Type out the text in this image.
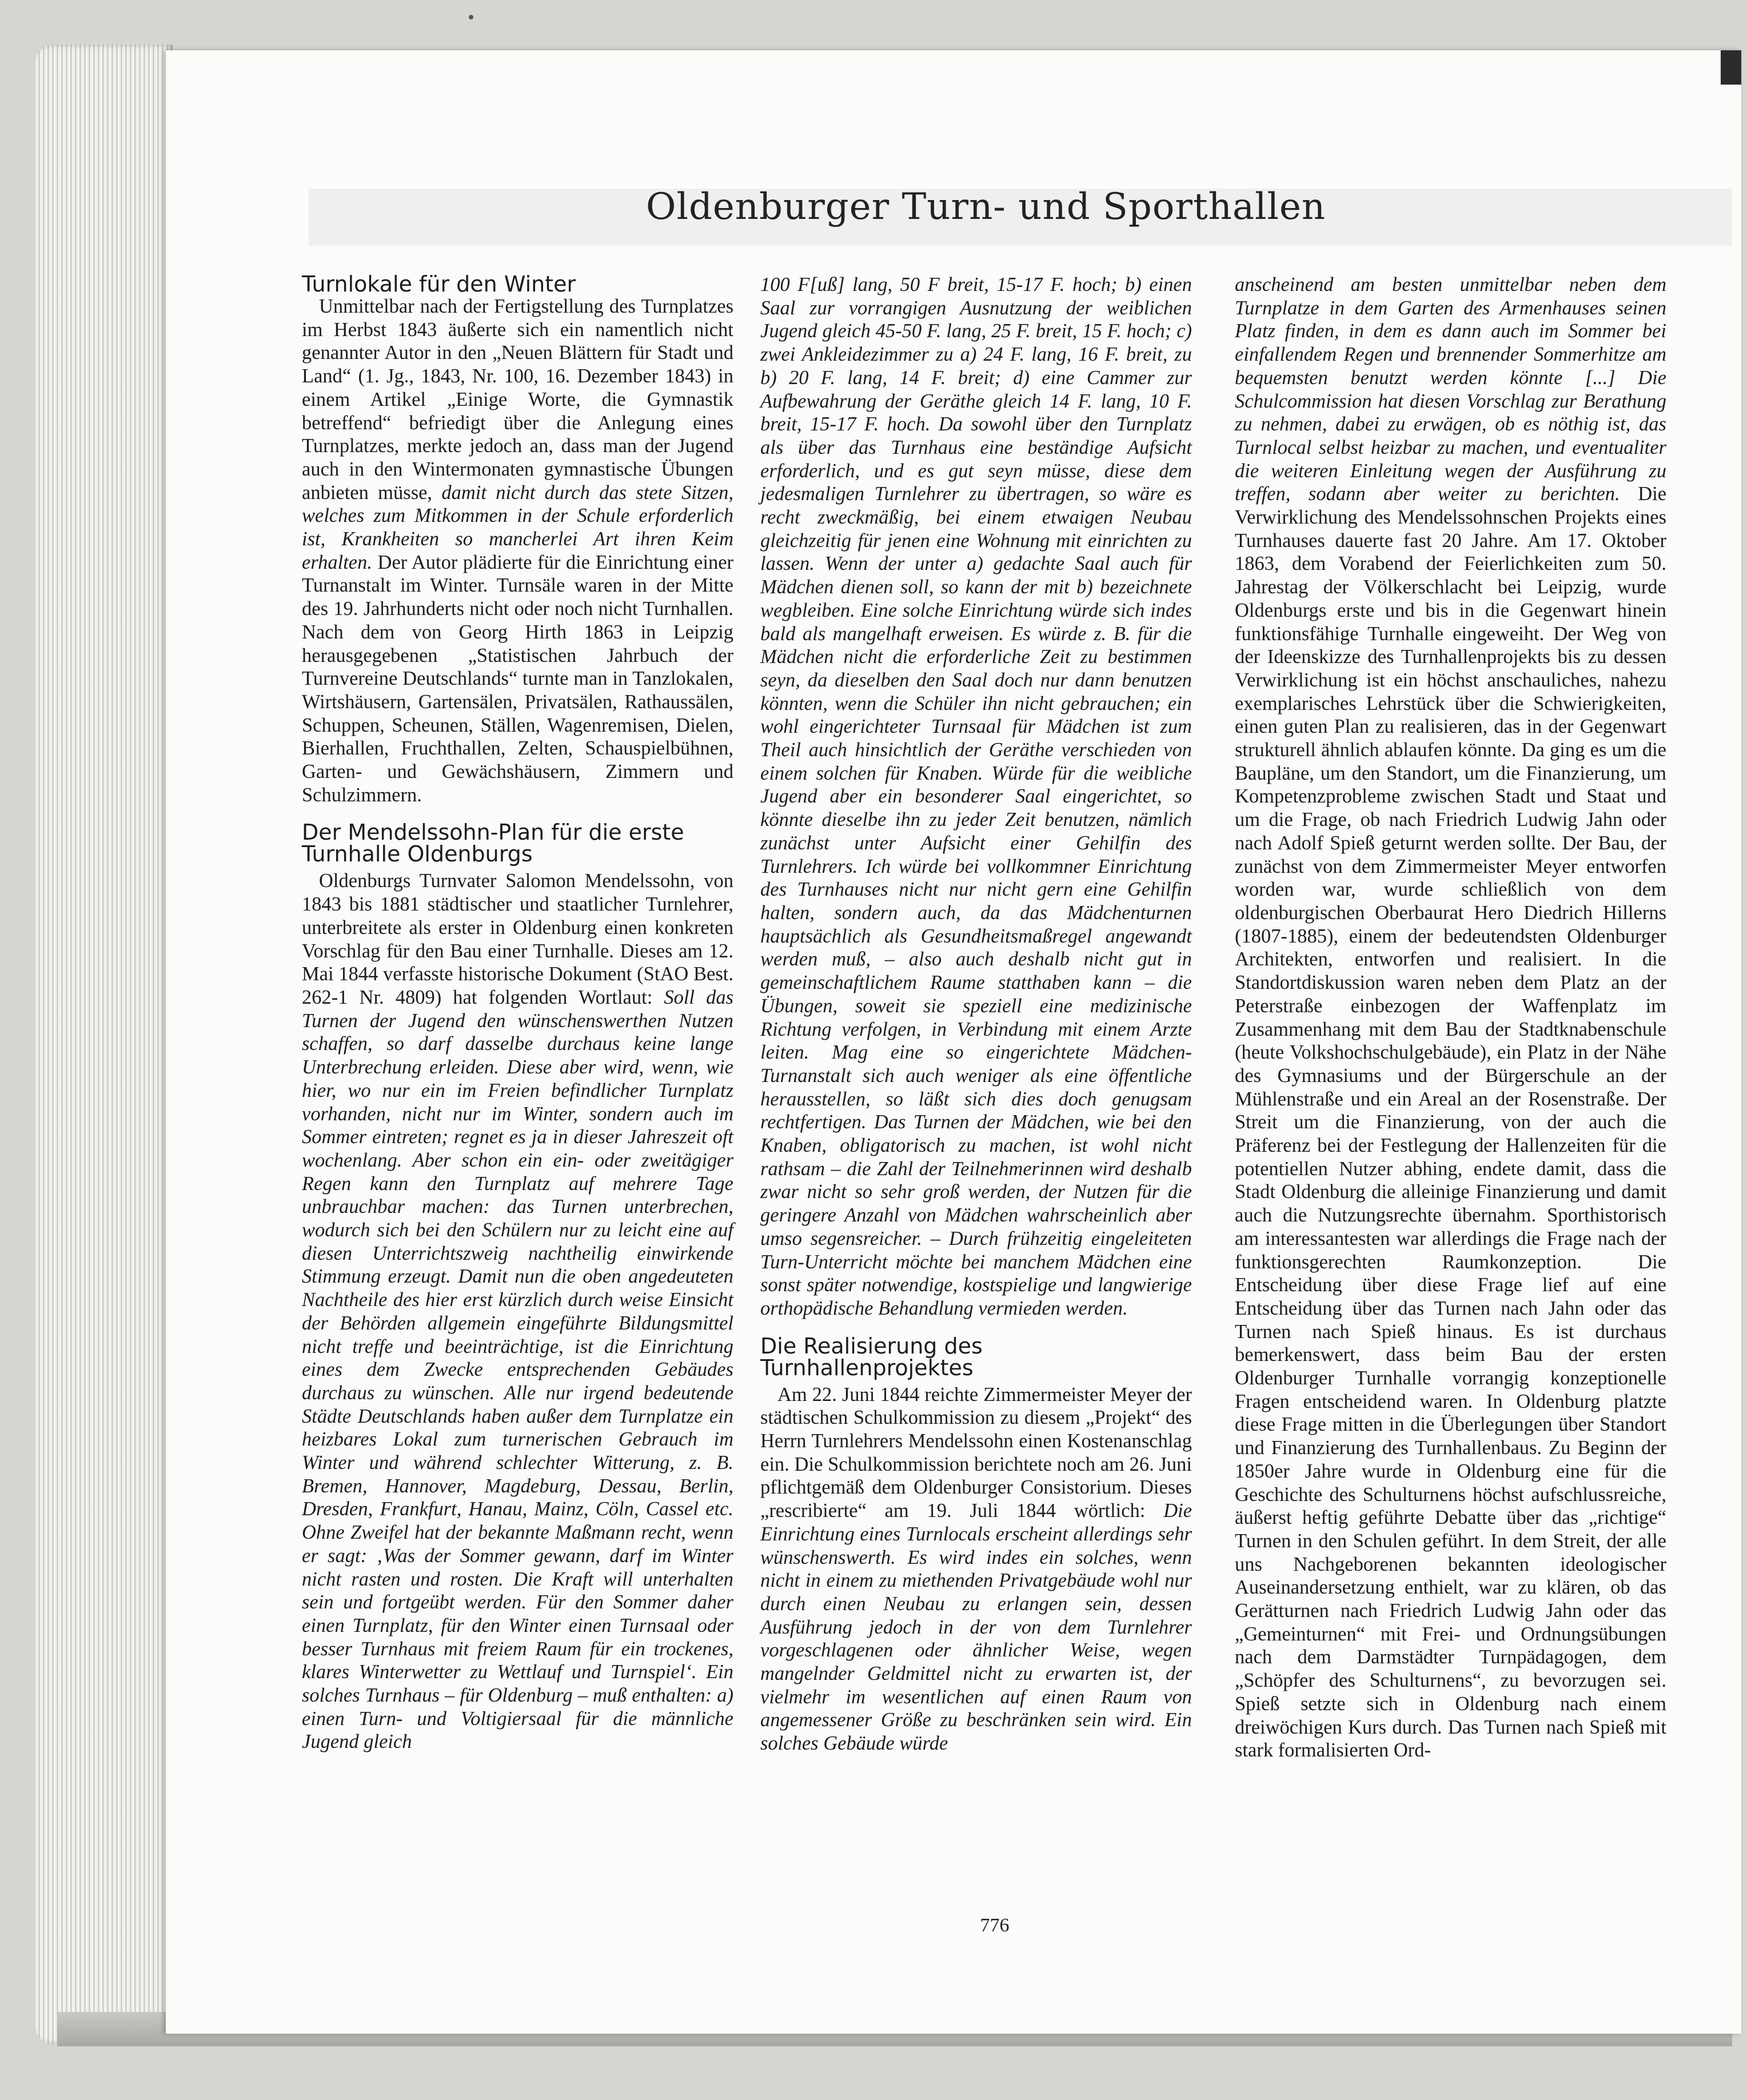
Oldenburger Turn- und Sporthallen
Turnlokale für den Winter

Unmittelbar nach der Fertigstellung des Turnplatzes im Herbst 1843 äußerte sich ein namentlich nicht genannter Autor in den „Neuen Blättern für Stadt und Land“ (1. Jg., 1843, Nr. 100, 16. Dezember 1843) in einem Artikel „Einige Worte, die Gymnastik betreffend“ befriedigt über die Anlegung eines Turnplatzes, merkte jedoch an, dass man der Jugend auch in den Wintermonaten gymnastische Übungen anbieten müsse, damit nicht durch das stete Sitzen, welches zum Mitkommen in der Schule erforderlich ist, Krankheiten so mancherlei Art ihren Keim erhalten. Der Autor plädierte für die Einrichtung einer Turnanstalt im Winter. Turnsäle waren in der Mitte des 19. Jahrhunderts nicht oder noch nicht Turnhallen. Nach dem von Georg Hirth 1863 in Leipzig herausgegebenen „Statistischen Jahrbuch der Turnvereine Deutschlands“ turnte man in Tanzlokalen, Wirtshäusern, Gartensälen, Privatsälen, Rathaussälen, Schuppen, Scheunen, Ställen, Wagenremisen, Dielen, Bierhallen, Fruchthallen, Zelten, Schauspielbühnen, Garten- und Gewächshäusern, Zimmern und Schulzimmern.

Der Mendelssohn-Plan für die erste Turnhalle Oldenburgs

Oldenburgs Turnvater Salomon Mendelssohn, von 1843 bis 1881 städtischer und staatlicher Turnlehrer, unterbreitete als erster in Oldenburg einen konkreten Vorschlag für den Bau einer Turnhalle. Dieses am 12. Mai 1844 verfasste historische Dokument (StAO Best. 262-1 Nr. 4809) hat folgenden Wortlaut: Soll das Turnen der Jugend den wünschenswerthen Nutzen schaffen, so darf dasselbe durchaus keine lange Unterbrechung erleiden. Diese aber wird, wenn, wie hier, wo nur ein im Freien befindlicher Turnplatz vorhanden, nicht nur im Winter, sondern auch im Sommer eintreten; regnet es ja in dieser Jahreszeit oft wochenlang. Aber schon ein ein- oder zweitägiger Regen kann den Turnplatz auf mehrere Tage unbrauchbar machen: das Turnen unterbrechen, wodurch sich bei den Schülern nur zu leicht eine auf diesen Unterrichtszweig nachtheilig einwirkende Stimmung erzeugt. Damit nun die oben angedeuteten Nachtheile des hier erst kürzlich durch weise Einsicht der Behörden allgemein eingeführte Bildungsmittel nicht treffe und beeinträchtige, ist die Einrichtung eines dem Zwecke entsprechenden Gebäudes durchaus zu wünschen. Alle nur irgend bedeutende Städte Deutschlands haben außer dem Turnplatze ein heizbares Lokal zum turnerischen Gebrauch im Winter und während schlechter Witterung, z. B. Bremen, Hannover, Magdeburg, Dessau, Berlin, Dresden, Frankfurt, Hanau, Mainz, Cöln, Cassel etc. Ohne Zweifel hat der bekannte Maßmann recht, wenn er sagt: ‚Was der Sommer gewann, darf im Winter nicht rasten und rosten. Die Kraft will unterhalten sein und fortgeübt werden. Für den Sommer daher einen Turnplatz, für den Winter einen Turnsaal oder besser Turnhaus mit freiem Raum für ein trockenes, klares Winterwetter zu Wettlauf und Turnspiel‘. Ein solches Turnhaus – für Oldenburg – muß enthalten: a) einen Turn- und Voltigiersaal für die männliche Jugend gleich

100 F[uß] lang, 50 F breit, 15-17 F. hoch; b) einen Saal zur vorrangigen Ausnutzung der weiblichen Jugend gleich 45-50 F. lang, 25 F. breit, 15 F. hoch; c) zwei Ankleidezimmer zu a) 24 F. lang, 16 F. breit, zu b) 20 F. lang, 14 F. breit; d) eine Cammer zur Aufbewahrung der Geräthe gleich 14 F. lang, 10 F. breit, 15-17 F. hoch. Da sowohl über den Turnplatz als über das Turnhaus eine beständige Aufsicht erforderlich, und es gut seyn müsse, diese dem jedesmaligen Turnlehrer zu übertragen, so wäre es recht zweckmäßig, bei einem etwaigen Neubau gleichzeitig für jenen eine Wohnung mit einrichten zu lassen. Wenn der unter a) gedachte Saal auch für Mädchen dienen soll, so kann der mit b) bezeichnete wegbleiben. Eine solche Einrichtung würde sich indes bald als mangelhaft erweisen. Es würde z. B. für die Mädchen nicht die erforderliche Zeit zu bestimmen seyn, da dieselben den Saal doch nur dann benutzen könnten, wenn die Schüler ihn nicht gebrauchen; ein wohl eingerichteter Turnsaal für Mädchen ist zum Theil auch hinsichtlich der Geräthe verschieden von einem solchen für Knaben. Würde für die weibliche Jugend aber ein besonderer Saal eingerichtet, so könnte dieselbe ihn zu jeder Zeit benutzen, nämlich zunächst unter Aufsicht einer Gehilfin des Turnlehrers. Ich würde bei vollkommner Einrichtung des Turnhauses nicht nur nicht gern eine Gehilfin halten, sondern auch, da das Mädchenturnen hauptsächlich als Gesundheitsmaßregel angewandt werden muß, – also auch deshalb nicht gut in gemeinschaftlichem Raume statthaben kann – die Übungen, soweit sie speziell eine medizinische Richtung verfolgen, in Verbindung mit einem Arzte leiten. Mag eine so eingerichtete Mädchen-Turnanstalt sich auch weniger als eine öffentliche herausstellen, so läßt sich dies doch genugsam rechtfertigen. Das Turnen der Mädchen, wie bei den Knaben, obligatorisch zu machen, ist wohl nicht rathsam – die Zahl der Teilnehmerinnen wird deshalb zwar nicht so sehr groß werden, der Nutzen für die geringere Anzahl von Mädchen wahrscheinlich aber umso segensreicher. – Durch frühzeitig eingeleiteten Turn-Unterricht möchte bei manchem Mädchen eine sonst später notwendige, kostspielige und langwierige orthopädische Behandlung vermieden werden.

Die Realisierung des Turnhallenprojektes

Am 22. Juni 1844 reichte Zimmermeister Meyer der städtischen Schulkommission zu diesem „Projekt“ des Herrn Turnlehrers Mendelssohn einen Kostenanschlag ein. Die Schulkommission berichtete noch am 26. Juni pflichtgemäß dem Oldenburger Consistorium. Dieses „rescribierte“ am 19. Juli 1844 wörtlich: Die Einrichtung eines Turnlocals erscheint allerdings sehr wünschenswerth. Es wird indes ein solches, wenn nicht in einem zu miethenden Privatgebäude wohl nur durch einen Neubau zu erlangen sein, dessen Ausführung jedoch in der von dem Turnlehrer vorgeschlagenen oder ähnlicher Weise, wegen mangelnder Geldmittel nicht zu erwarten ist, der vielmehr im wesentlichen auf einen Raum von angemessener Größe zu beschränken sein wird. Ein solches Gebäude würde

anscheinend am besten unmittelbar neben dem Turnplatze in dem Garten des Armenhauses seinen Platz finden, in dem es dann auch im Sommer bei einfallendem Regen und brennender Sommerhitze am bequemsten benutzt werden könnte [...] Die Schulcommission hat diesen Vorschlag zur Berathung zu nehmen, dabei zu erwägen, ob es nöthig ist, das Turnlocal selbst heizbar zu machen, und eventualiter die weiteren Einleitung wegen der Ausführung zu treffen, sodann aber weiter zu berichten. Die Verwirklichung des Mendelssohnschen Projekts eines Turnhauses dauerte fast 20 Jahre. Am 17. Oktober 1863, dem Vorabend der Feierlichkeiten zum 50. Jahrestag der Völkerschlacht bei Leipzig, wurde Oldenburgs erste und bis in die Gegenwart hinein funktionsfähige Turnhalle eingeweiht. Der Weg von der Ideenskizze des Turnhallenprojekts bis zu dessen Verwirklichung ist ein höchst anschauliches, nahezu exemplarisches Lehrstück über die Schwierigkeiten, einen guten Plan zu realisieren, das in der Gegenwart strukturell ähnlich ablaufen könnte. Da ging es um die Baupläne, um den Standort, um die Finanzierung, um Kompetenzprobleme zwischen Stadt und Staat und um die Frage, ob nach Friedrich Ludwig Jahn oder nach Adolf Spieß geturnt werden sollte. Der Bau, der zunächst von dem Zimmermeister Meyer entworfen worden war, wurde schließlich von dem oldenburgischen Oberbaurat Hero Diedrich Hillerns (1807-1885), einem der bedeutendsten Oldenburger Architekten, entworfen und realisiert. In die Standortdiskussion waren neben dem Platz an der Peterstraße einbezogen der Waffenplatz im Zusammenhang mit dem Bau der Stadtknabenschule (heute Volkshochschulgebäude), ein Platz in der Nähe des Gymnasiums und der Bürgerschule an der Mühlenstraße und ein Areal an der Rosenstraße. Der Streit um die Finanzierung, von der auch die Präferenz bei der Festlegung der Hallenzeiten für die potentiellen Nutzer abhing, endete damit, dass die Stadt Oldenburg die alleinige Finanzierung und damit auch die Nutzungsrechte übernahm. Sporthistorisch am interessantesten war allerdings die Frage nach der funktionsgerechten Raumkonzeption. Die Entscheidung über diese Frage lief auf eine Entscheidung über das Turnen nach Jahn oder das Turnen nach Spieß hinaus. Es ist durchaus bemerkenswert, dass beim Bau der ersten Oldenburger Turnhalle vorrangig konzeptionelle Fragen entscheidend waren. In Oldenburg platzte diese Frage mitten in die Überlegungen über Standort und Finanzierung des Turnhallenbaus. Zu Beginn der 1850er Jahre wurde in Oldenburg eine für die Geschichte des Schulturnens höchst aufschlussreiche, äußerst heftig geführte Debatte über das „richtige“ Turnen in den Schulen geführt. In dem Streit, der alle uns Nachgeborenen bekannten ideologischer Auseinandersetzung enthielt, war zu klären, ob das Gerätturnen nach Friedrich Ludwig Jahn oder das „Gemeinturnen“ mit Frei- und Ordnungsübungen nach dem Darmstädter Turnpädagogen, dem „Schöpfer des Schulturnens“, zu bevorzugen sei. Spieß setzte sich in Oldenburg nach einem dreiwöchigen Kurs durch. Das Turnen nach Spieß mit stark formalisierten Ord-

776
